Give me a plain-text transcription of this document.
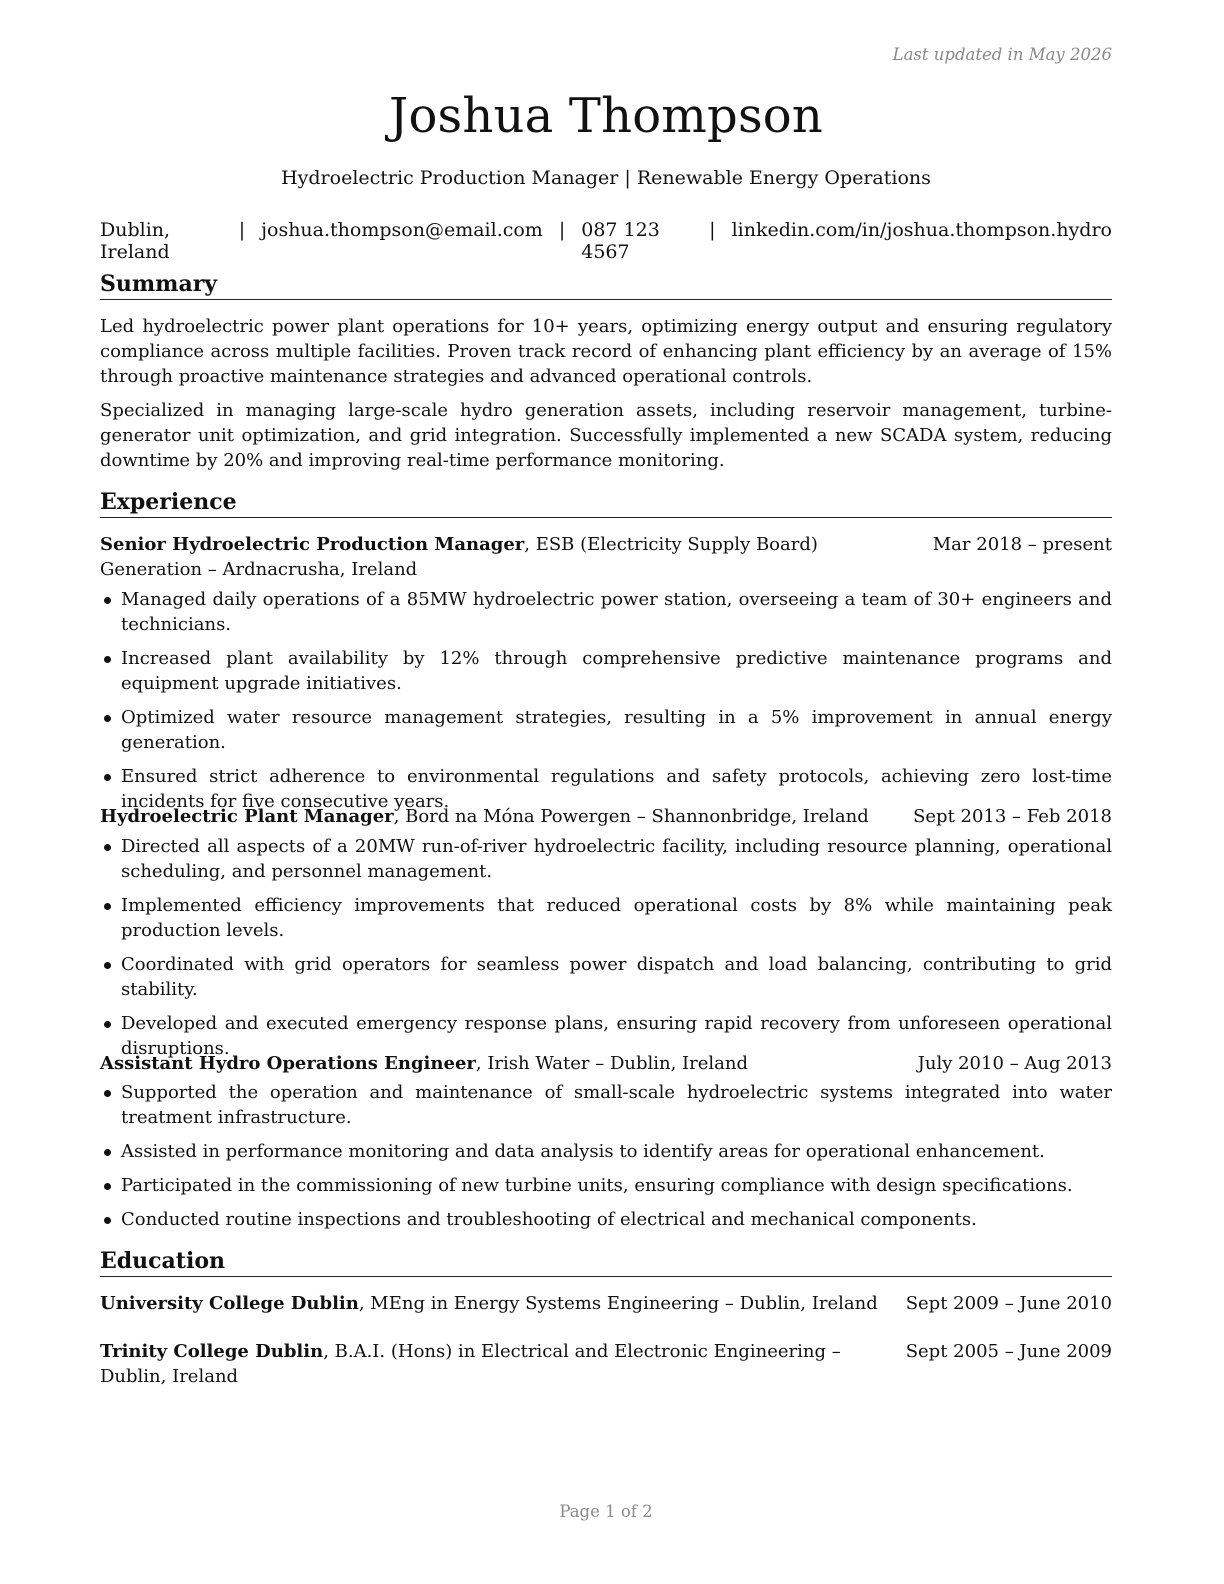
Last updated in May 2026
Joshua Thompson
Hydroelectric Production Manager | Renewable Energy Operations
Dublin, Ireland
| joshua.thompson@email.com | 087 123 4567
| linkedin.com/in/joshua.thompson.hydro
Summary

Led hydroelectric power plant operations for 10+ years, optimizing energy output and ensuring regulatory compliance across multiple facilities. Proven track record of enhancing plant efficiency by an average of 15% through proactive maintenance strategies and advanced operational controls.

Specialized in managing large-scale hydro generation assets, including reservoir management, turbine-generator unit optimization, and grid integration. Successfully implemented a new SCADA system, reducing downtime by 20% and improving real-time performance monitoring.

Experience
Senior Hydroelectric Production Manager, ESB (Electricity Supply Board) Generation – Ardnacrusha, Ireland
Mar 2018 – present
Managed daily operations of a 85MW hydroelectric power station, overseeing a team of 30+ engineers and technicians.
Increased plant availability by 12% through comprehensive predictive maintenance programs and equipment upgrade initiatives.
Optimized water resource management strategies, resulting in a 5% improvement in annual energy generation.
Ensured strict adherence to environmental regulations and safety protocols, achieving zero lost-time incidents for five consecutive years.
Hydroelectric Plant Manager, Bord na Móna Powergen – Shannonbridge, Ireland	Sept 2013 – Feb 2018
Directed all aspects of a 20MW run-of-river hydroelectric facility, including resource planning, operational scheduling, and personnel management.
Implemented efficiency improvements that reduced operational costs by 8% while maintaining peak production levels.
Coordinated with grid operators for seamless power dispatch and load balancing, contributing to grid stability.
Developed and executed emergency response plans, ensuring rapid recovery from unforeseen operational disruptions.
Assistant Hydro Operations Engineer, Irish Water – Dublin, Ireland	July 2010 – Aug 2013
Supported the operation and maintenance of small-scale hydroelectric systems integrated into water treatment infrastructure.
Assisted in performance monitoring and data analysis to identify areas for operational enhancement.
Participated in the commissioning of new turbine units, ensuring compliance with design specifications.
Conducted routine inspections and troubleshooting of electrical and mechanical components.
Education
University College Dublin, MEng in Energy Systems Engineering – Dublin, Ireland	Sept 2009 – June 2010
Trinity College Dublin, B.A.I. (Hons) in Electrical and Electronic Engineering – Dublin, Ireland
Sept 2005 – June 2009
Page 1 of 2
